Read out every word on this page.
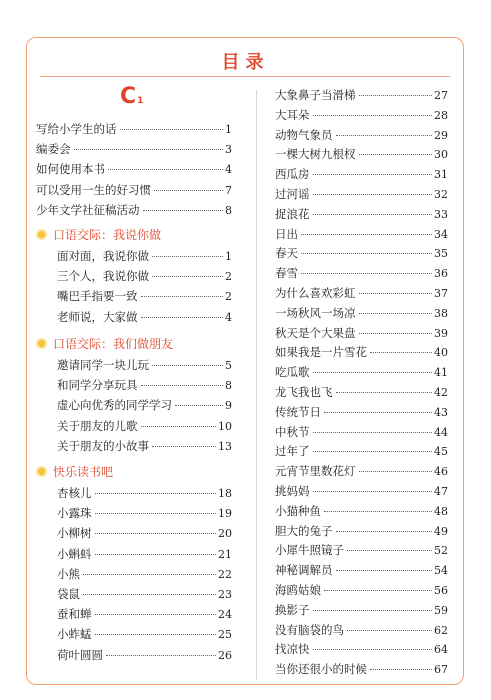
目录
C1
写给小学生的话	1
编委会	3
如何使用本书	4
可以受用一生的好习惯	7
少年文学社征稿活动	8
口语交际：我说你做
面对面，我说你做	1
三个人，我说你做	2
嘴巴手指要一致	2
老师说，大家做	4
口语交际：我们做朋友
邀请同学一块儿玩	5
和同学分享玩具	8
虚心向优秀的同学学习	9
关于朋友的儿歌	10
关于朋友的小故事	13
快乐读书吧
杏核儿	18
小露珠	19
小柳树	20
小蝌蚪	21
小熊	22
袋鼠	23
蚕和蝉	24
小蚱蜢	25
荷叶圆圆	26
大象鼻子当滑梯	27
大耳朵	28
动物气象员	29
一棵大树九根杈	30
西瓜房	31
过河谣	32
捉浪花	33
日出	34
春天	35
春雪	36
为什么喜欢彩虹	37
一场秋风一场凉	38
秋天是个大果盘	39
如果我是一片雪花	40
吃瓜歌	41
龙飞我也飞	42
传统节日	43
中秋节	44
过年了	45
元宵节里数花灯	46
挑妈妈	47
小猫种鱼	48
胆大的兔子	49
小犀牛照镜子	52
神秘调解员	54
海鸥姑娘	56
换影子	59
没有脑袋的鸟	62
找凉快	64
当你还很小的时候	67
